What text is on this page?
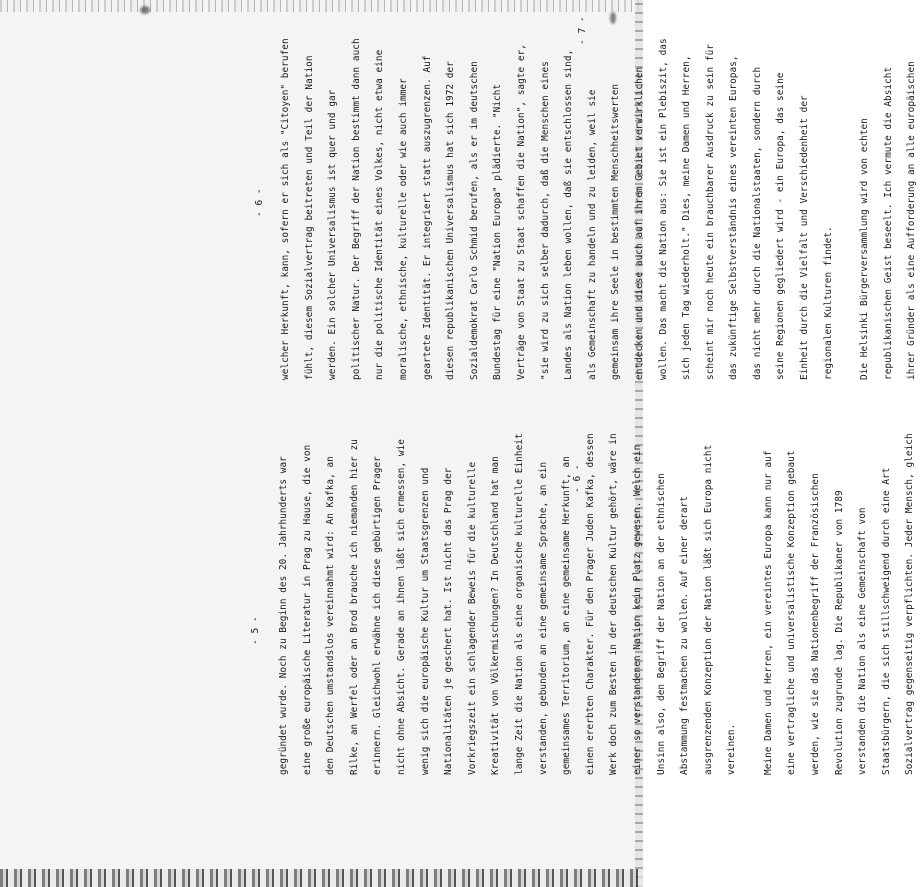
- 5 -
- 6 -
- 6 -
- 7 -
gegründet wurde. Noch zu Beginn des 20. Jahrhunderts war	eine große europäische Literatur in Prag zu Hause, die von	den Deutschen umstandslos vereinnahmt wird: An Kafka, an	Rilke, an Werfel oder an Brod brauche ich niemanden hier zu	erinnern. Gleichwohl erwähne ich diese gebürtigen Prager	nicht ohne Absicht. Gerade an ihnen läßt sich ermessen, wie	wenig sich die europäische Kultur um Staatsgrenzen und	Nationalitäten je geschert hat. Ist nicht das Prag der	Vorkriegszeit ein schlagender Beweis für die kulturelle	Kreativität von Völkermischungen? In Deutschland hat man	lange Zeit die Nation als eine organische kulturelle Einheit	verstanden, gebunden an eine gemeinsame Sprache, an ein	gemeinsames Territorium, an eine gemeinsame Herkunft, an	einen ererbten Charakter. Für den Prager Juden Kafka, dessen	Werk doch zum Besten in der deutschen Kultur gehört, wäre in	einer so verstandenen Nation kein Platz gewesen. Welch ein	Unsinn also, den Begriff der Nation an der ethnischen	Abstammung festmachen zu wollen. Auf einer derart	ausgrenzenden Konzeption der Nation läßt sich Europa nicht	vereinen.	Meine Damen und Herren, ein vereintes Europa kann nur auf	eine vertragliche und universalistische Konzeption gebaut	werden, wie sie das Nationenbegriff der Französischen	Revolution zugrunde lag. Die Republikaner von 1789	verstanden die Nation als eine Gemeinschaft von	Staatsbürgern, die sich stillschweigend durch eine Art	Sozialvertrag gegenseitig verpflichten. Jeder Mensch, gleich
welcher Herkunft, kann, sofern er sich als "Citoyen" berufen	fühlt, diesem Sozialvertrag beitreten und Teil der Nation	werden. Ein solcher Universalismus ist quer und gar	politischer Natur. Der Begriff der Nation bestimmt dann auch	nur die politische Identität eines Volkes, nicht etwa eine	moralische, ethnische, kulturelle oder wie auch immer	geartete Identität. Er integriert statt auszugrenzen. Auf	diesen republikanischen Universalismus hat sich 1972 der	Sozialdemokrat Carlo Schmid berufen, als er im deutschen	Bundestag für eine "Nation Europa" plädierte. "Nicht	Verträge von Staat zu Staat schaffen die Nation", sagte er,	"sie wird zu sich selber dadurch, daß die Menschen eines	Landes als Nation leben wollen, daß sie entschlossen sind,	als Gemeinschaft zu handeln und zu leiden, weil sie	gemeinsam ihre Seele in bestimmten Menschheitswerten	entdecken und diese auch auf ihrem Gebiet verwirklichen	wollen. Das macht die Nation aus: Sie ist ein Plebiszit, das	sich jeden Tag wiederholt." Dies, meine Damen und Herren,	scheint mir noch heute ein brauchbarer Ausdruck zu sein für	das zukünftige Selbstverständnis eines vereinten Europas,	das nicht mehr durch die Nationalstaaten, sondern durch	seine Regionen gegliedert wird - ein Europa, das seine	Einheit durch die Vielfalt und Verschiedenheit der	regionalen Kulturen findet.	Die Helsinki Bürgerversammlung wird von echten	republikanischen Geist beseelt. Ich vermute die Absicht	ihrer Gründer als eine Aufforderung an alle europäischen
